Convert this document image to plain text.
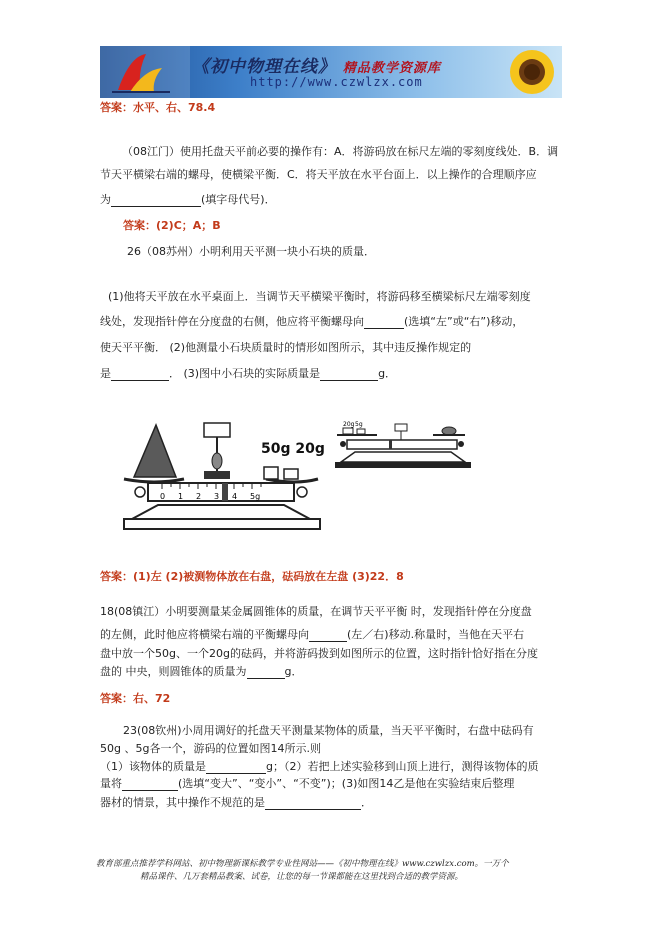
《初中物理在线》 精品教学资源库
http://www.czwlzx.com
答案：水平、右、78.4
（08江门）使用托盘天平前必要的操作有：A．将游码放在标尺左端的零刻度线处．B．调
节天平横梁右端的螺母，使横梁平衡．C．将天平放在水平台面上．以上操作的合理顺序应
为	(填字母代号)．
答案：(2)C；A；B
26（08苏州）小明利用天平测一块小石块的质量．
(1)他将天平放在水平桌面上．当调节天平横梁平衡时，将游码移至横梁标尺左端零刻度
线处，发现指针停在分度盘的右侧，他应将平衡螺母向	(选填“左”或“右”)移动，
使天平平衡． (2)他测量小石块质量时的情形如图所示，其中违反操作规定的
是	． (3)图中小石块的实际质量是	g．
50g 20g
0 1 2 3 4 5g
20g 5g
答案：(1)左 (2)被测物体放在右盘，砝码放在左盘 (3)22．8
18(08镇江）小明要测量某金属圆锥体的质量，在调节天平平衡 时，发现指针停在分度盘
的左侧，此时他应将横梁右端的平衡螺母向	(左／右)移动.称量时，当他在天平右
盘中放一个50g、一个20g的砝码，并将游码拨到如图所示的位置，这时指针恰好指在分度
盘的 中央，则圆锥体的质量为	g．
答案：右、72
23(08钦州)小周用调好的托盘天平测量某物体的质量，当天平平衡时，右盘中砝码有
50g 、5g各一个，游码的位置如图14所示.则
（1）该物体的质量是	g；（2）若把上述实验移到山顶上进行，测得该物体的质
量将	(选填“变大”、“变小”、“不变”)；(3)如图14乙是他在实验结束后整理
器材的情景，其中操作不规范的是	．
教育部重点推荐学科网站、初中物理新课标教学专业性网站——《初中物理在线》www.czwlzx.com。一万个
精品课件、几万套精品教案、试卷，让您的每一节课都能在这里找到合适的教学资源。
